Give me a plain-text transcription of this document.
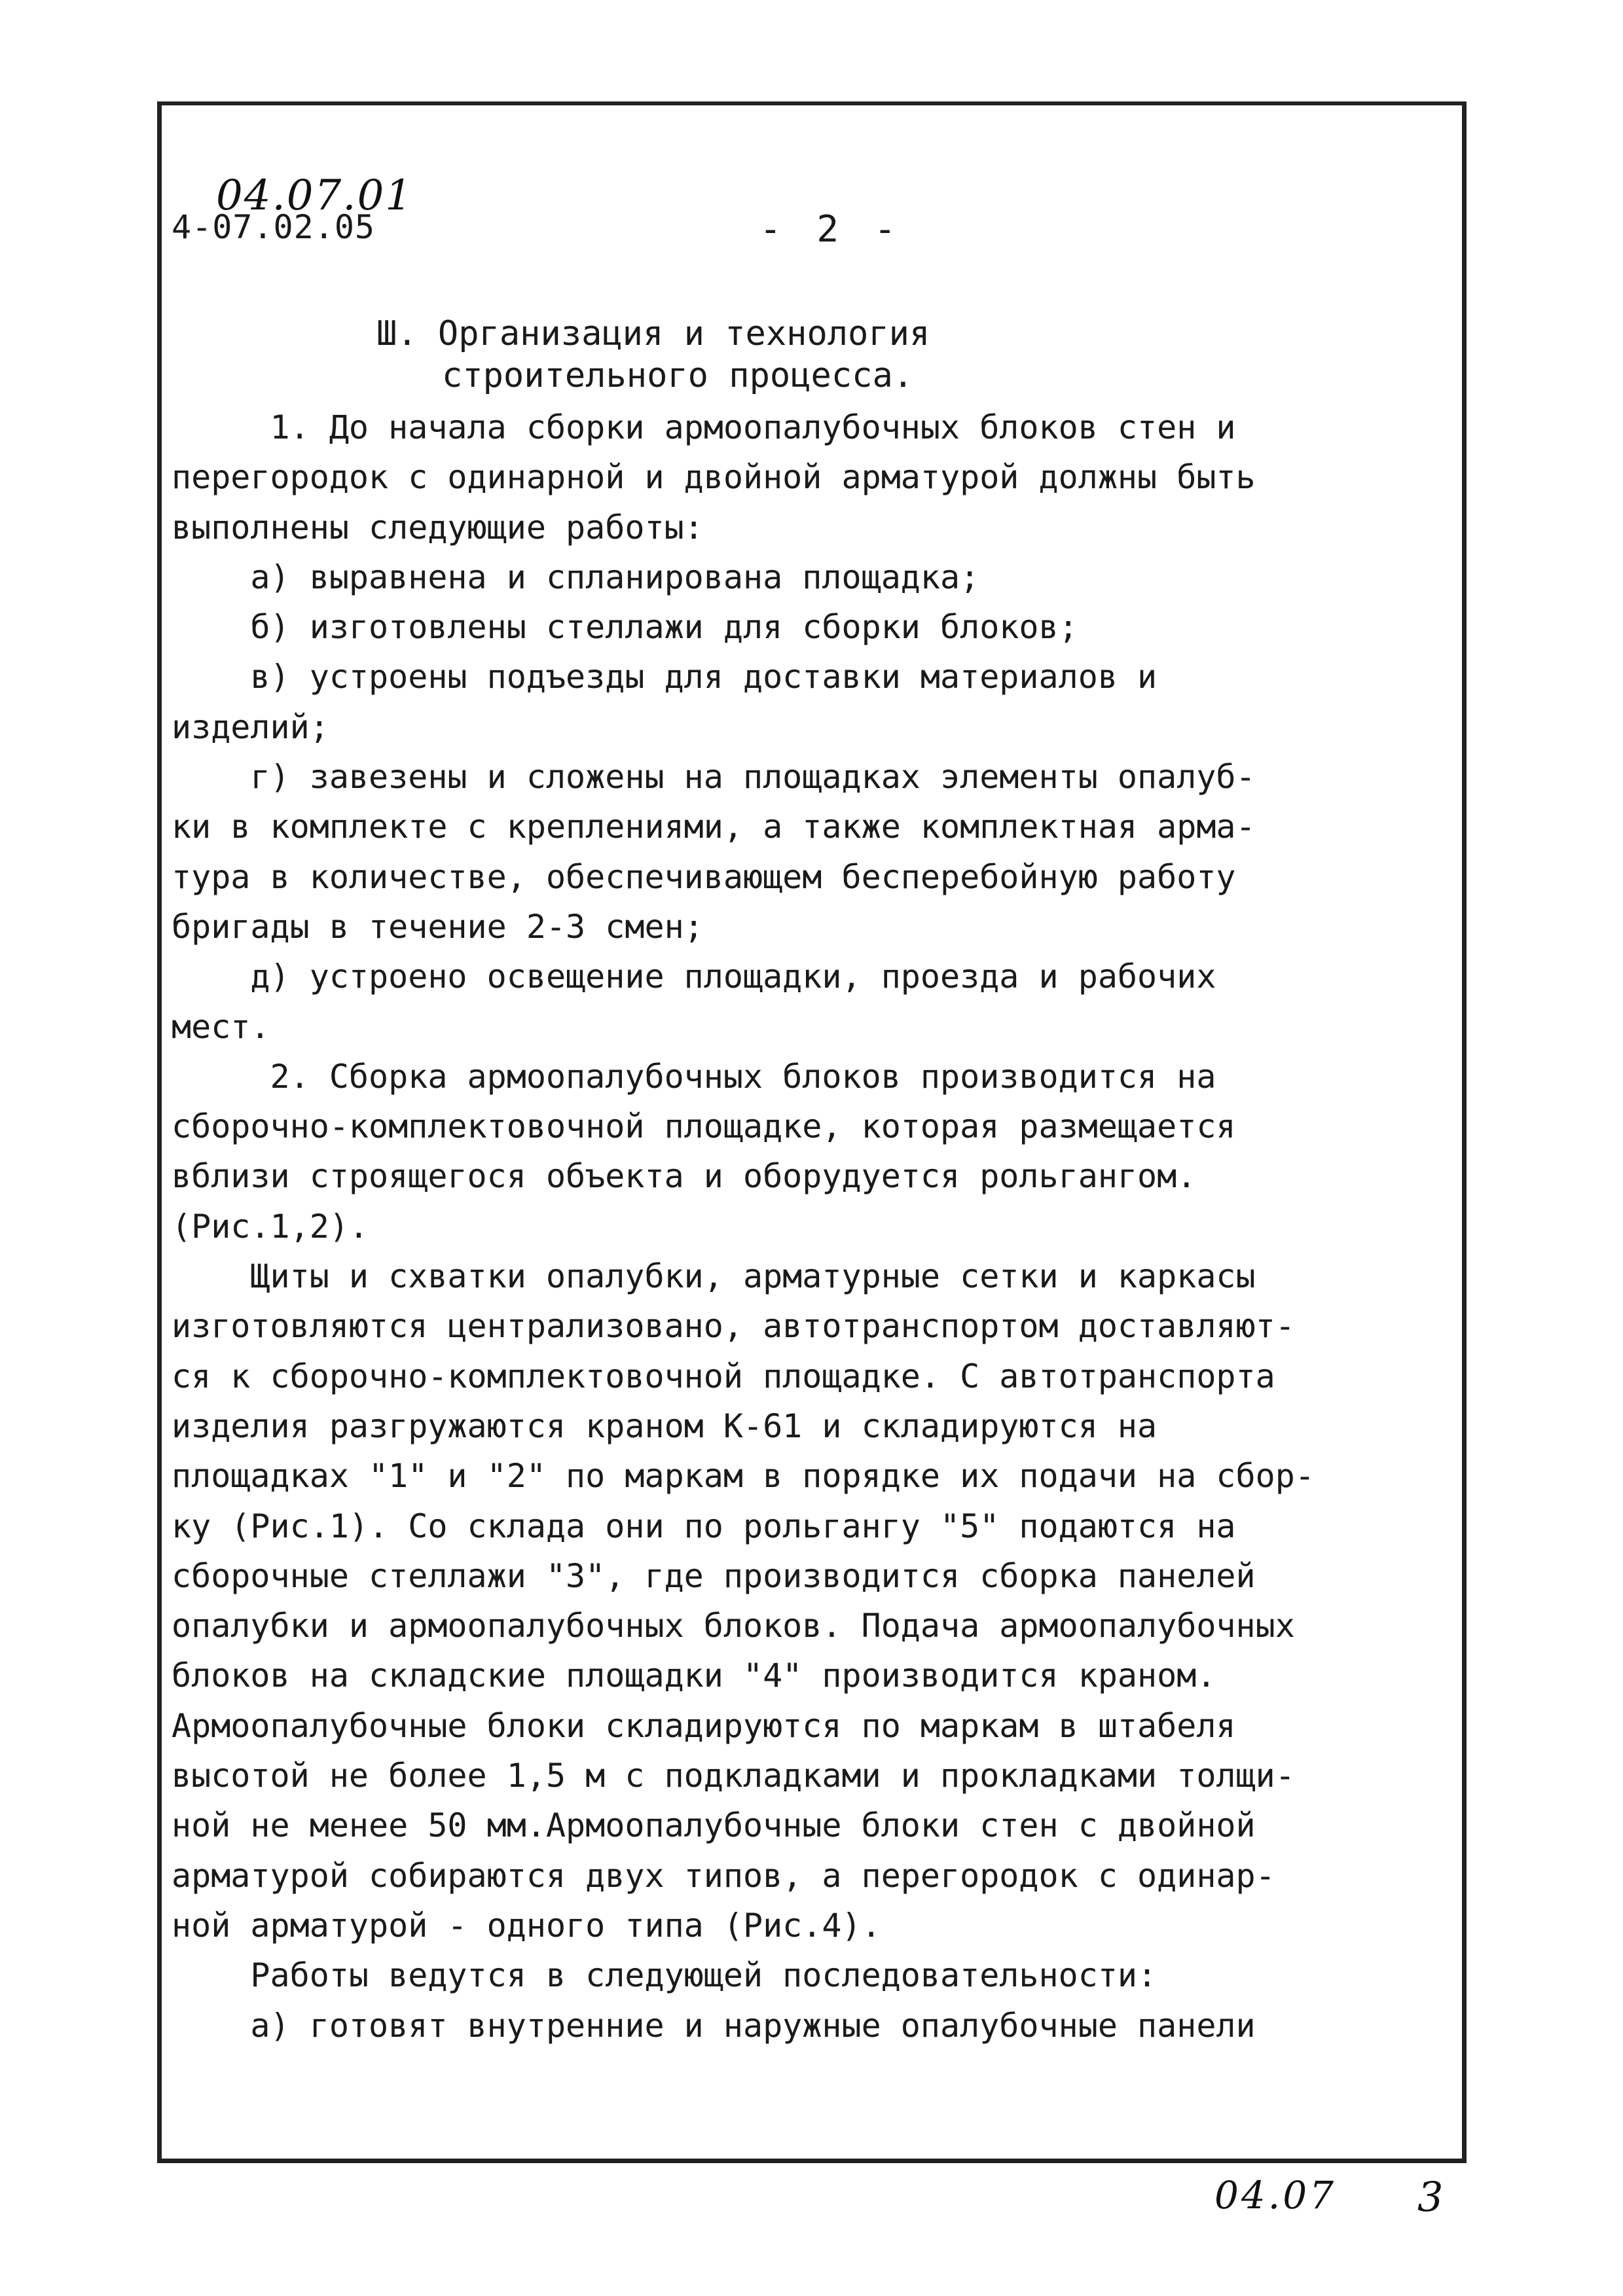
04.07.01
4-07.02.05	- 2 -
Ш. Организация и технология
строительного процесса.
1. До начала сборки армоопалубочных блоков стен и
перегородок с одинарной и двойной арматурой должны быть
выполнены следующие работы:
а) выравнена и спланирована площадка;
б) изготовлены стеллажи для сборки блоков;
в) устроены подъезды для доставки материалов и
изделий;
г) завезены и сложены на площадках элементы опалуб-
ки в комплекте с креплениями, а также комплектная арма-
тура в количестве, обеспечивающем бесперебойную работу
бригады в течение 2-3 смен;
д) устроено освещение площадки, проезда и рабочих
мест.
2. Сборка армоопалубочных блоков производится на
сборочно-комплектовочной площадке, которая размещается
вблизи строящегося объекта и оборудуется рольгангом.
(Рис.1,2).
Щиты и схватки опалубки, арматурные сетки и каркасы
изготовляются централизовано, автотранспортом доставляют-
ся к сборочно-комплектовочной площадке. С автотранспорта
изделия разгружаются краном К-61 и складируются на
площадках "1" и "2" по маркам в порядке их подачи на сбор-
ку (Рис.1). Со склада они по рольгангу "5" подаются на
сборочные стеллажи "3", где производится сборка панелей
опалубки и армоопалубочных блоков. Подача армоопалубочных
блоков на складские площадки "4" производится краном.
Армоопалубочные блоки складируются по маркам в штабеля
высотой не более 1,5 м с подкладками и прокладками толщи-
ной не менее 50 мм.Армоопалубочные блоки стен с двойной
арматурой собираются двух типов, а перегородок с одинар-
ной арматурой - одного типа (Рис.4).
Работы ведутся в следующей последовательности:
а) готовят внутренние и наружные опалубочные панели
04.07 3
